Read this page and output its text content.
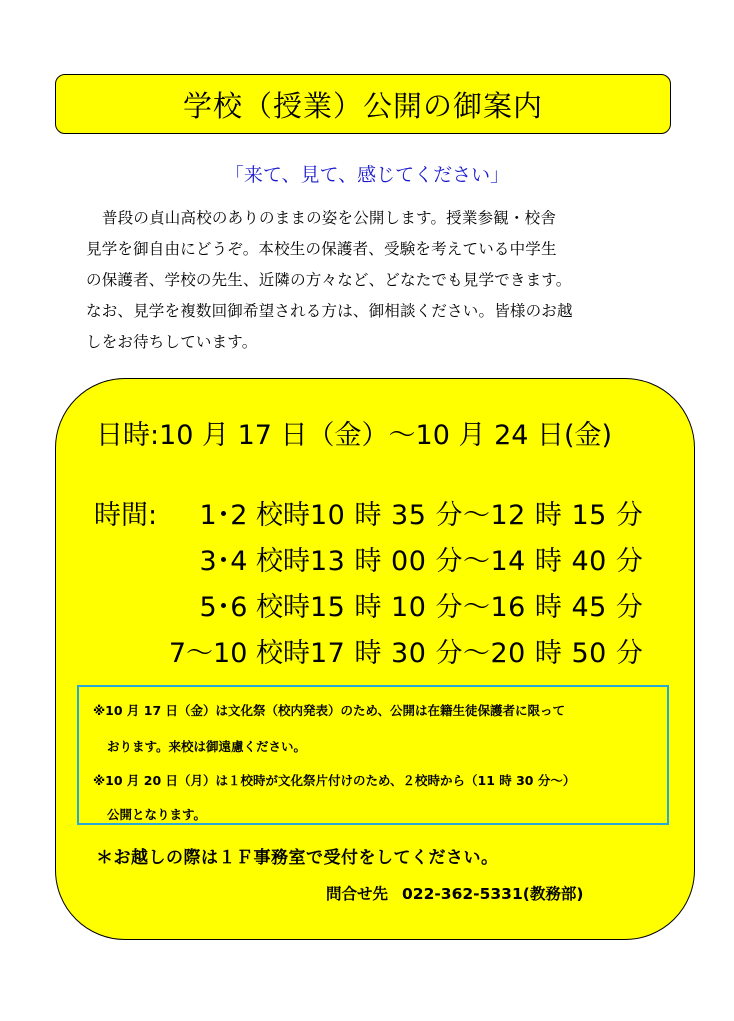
学校（授業）公開の御案内
「来て、見て、感じてください」
普段の貞山高校のありのままの姿を公開します。授業参観・校舎
見学を御自由にどうぞ。本校生の保護者、受験を考えている中学生
の保護者、学校の先生、近隣の方々など、どなたでも見学できます。
なお、見学を複数回御希望される方は、御相談ください。皆様のお越
しをお待ちしています。
日時:10 月 17 日（金）～10 月 24 日(金)
時間:	1･2 校時 10 時 35 分～12 時 15 分
3･4 校時 13 時 00 分～14 時 40 分
5･6 校時 15 時 10 分～16 時 45 分
7～10 校時 17 時 30 分～20 時 50 分
※10 月 17 日（金）は文化祭（校内発表）のため、公開は在籍生徒保護者に限って
おります。来校は御遠慮ください。
※10 月 20 日（月）は１校時が文化祭片付けのため、２校時から（11 時 30 分～）
公開となります。
＊お越しの際は１Ｆ事務室で受付をしてください。
問合せ先 022-362-5331(教務部)
